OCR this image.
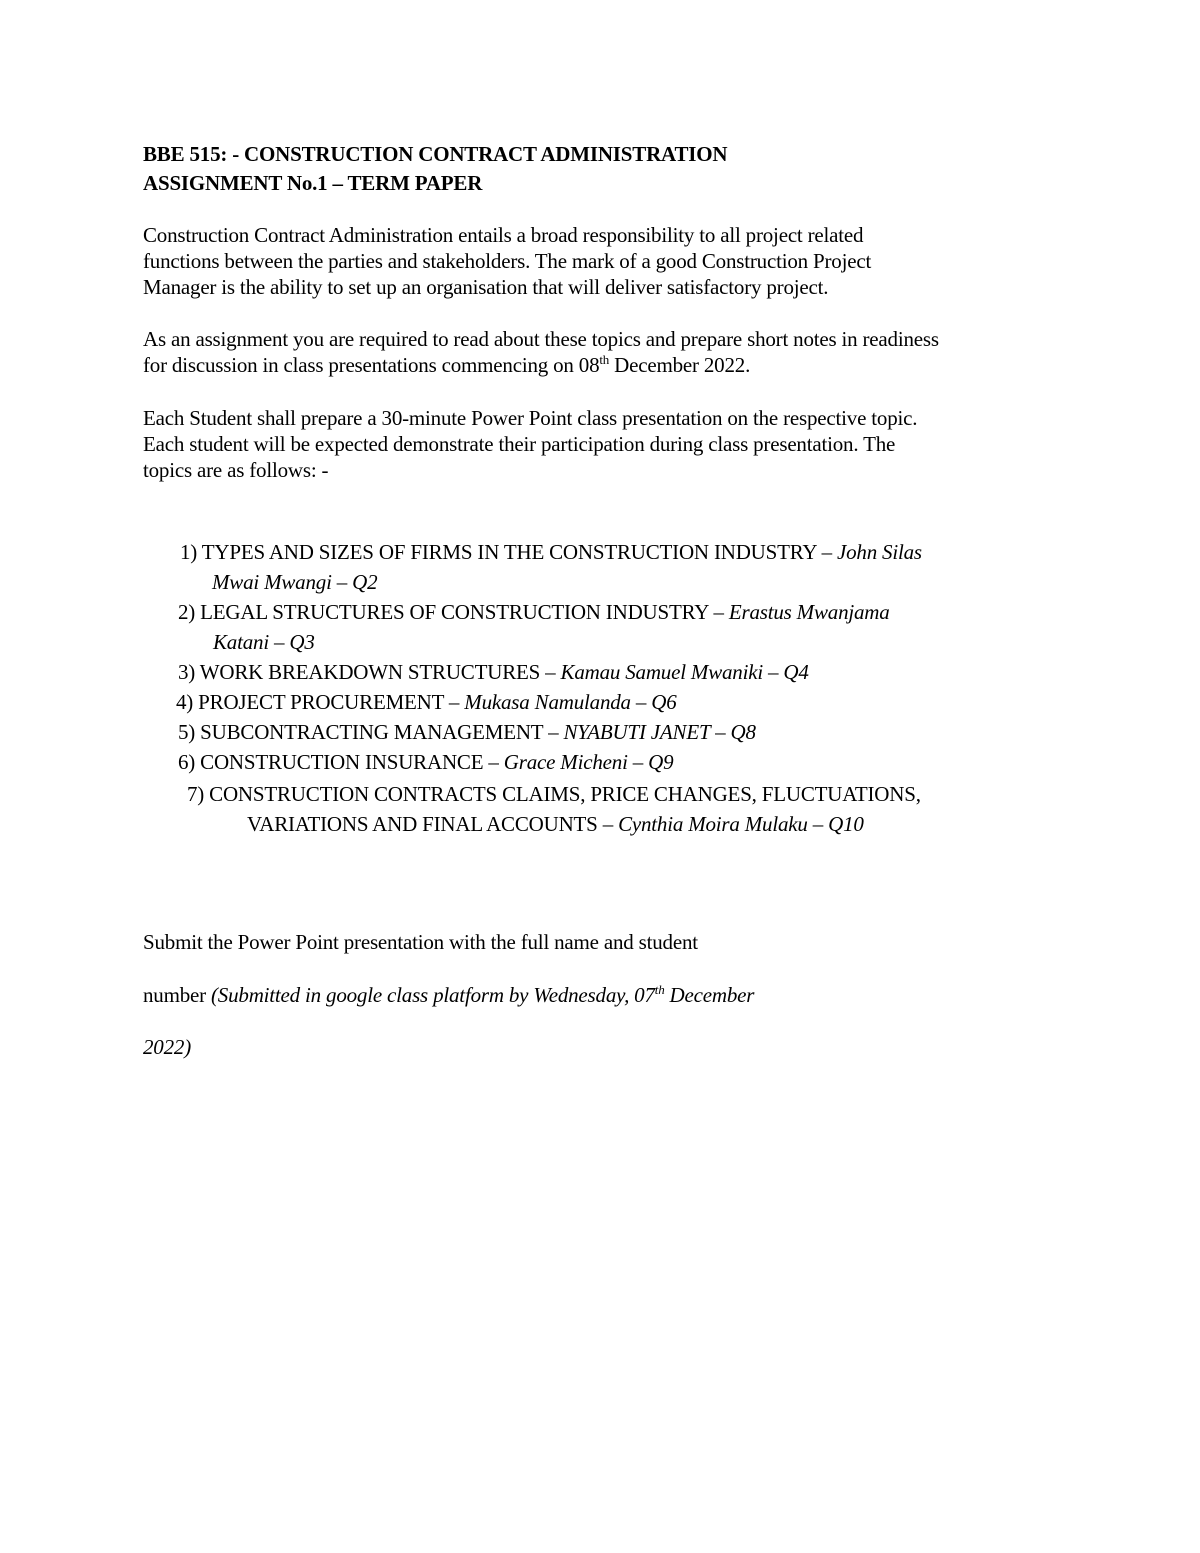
BBE 515: - CONSTRUCTION CONTRACT ADMINISTRATION
ASSIGNMENT No.1 – TERM PAPER
Construction Contract Administration entails a broad responsibility to all project related
functions between the parties and stakeholders. The mark of a good Construction Project
Manager is the ability to set up an organisation that will deliver satisfactory project.
As an assignment you are required to read about these topics and prepare short notes in readiness
for discussion in class presentations commencing on 08th December 2022.
Each Student shall prepare a 30-minute Power Point class presentation on the respective topic.
Each student will be expected demonstrate their participation during class presentation. The
topics are as follows: -
1) TYPES AND SIZES OF FIRMS IN THE CONSTRUCTION INDUSTRY – John Silas
Mwai Mwangi – Q2
2) LEGAL STRUCTURES OF CONSTRUCTION INDUSTRY – Erastus Mwanjama
Katani – Q3
3) WORK BREAKDOWN STRUCTURES – Kamau Samuel Mwaniki – Q4
4) PROJECT PROCUREMENT – Mukasa Namulanda – Q6
5) SUBCONTRACTING MANAGEMENT – NYABUTI JANET – Q8
6) CONSTRUCTION INSURANCE – Grace Micheni – Q9
7) CONSTRUCTION CONTRACTS CLAIMS, PRICE CHANGES, FLUCTUATIONS,
VARIATIONS AND FINAL ACCOUNTS – Cynthia Moira Mulaku – Q10
Submit the Power Point presentation with the full name and student
number (Submitted in google class platform by Wednesday, 07th December
2022)
